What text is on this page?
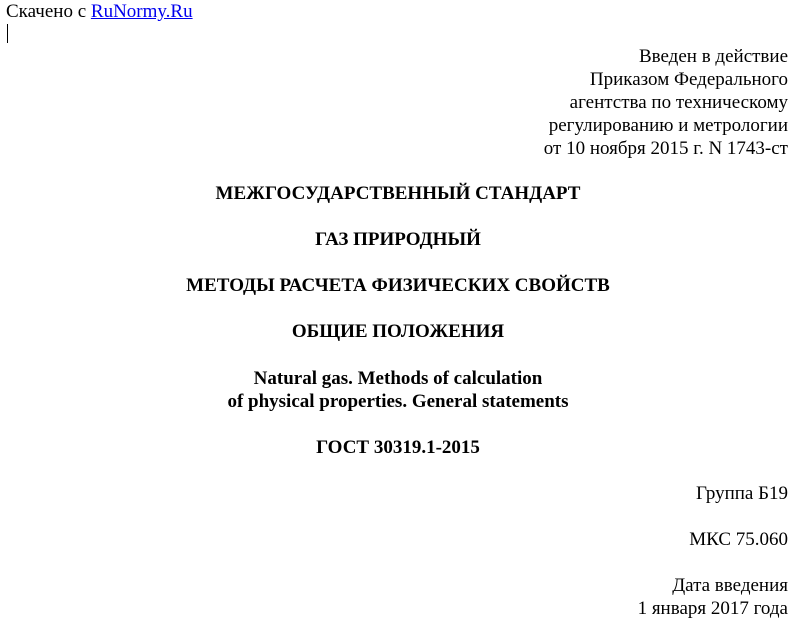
Скачено с RuNormy.Ru
Введен в действие
Приказом Федерального
агентства по техническому
регулированию и метрологии
от 10 ноября 2015 г. N 1743-ст
МЕЖГОСУДАРСТВЕННЫЙ СТАНДАРТ
ГАЗ ПРИРОДНЫЙ
МЕТОДЫ РАСЧЕТА ФИЗИЧЕСКИХ СВОЙСТВ
ОБЩИЕ ПОЛОЖЕНИЯ
Natural gas. Methods of calculation
of physical properties. General statements
ГОСТ 30319.1-2015
Группа Б19
МКС 75.060
Дата введения
1 января 2017 года
